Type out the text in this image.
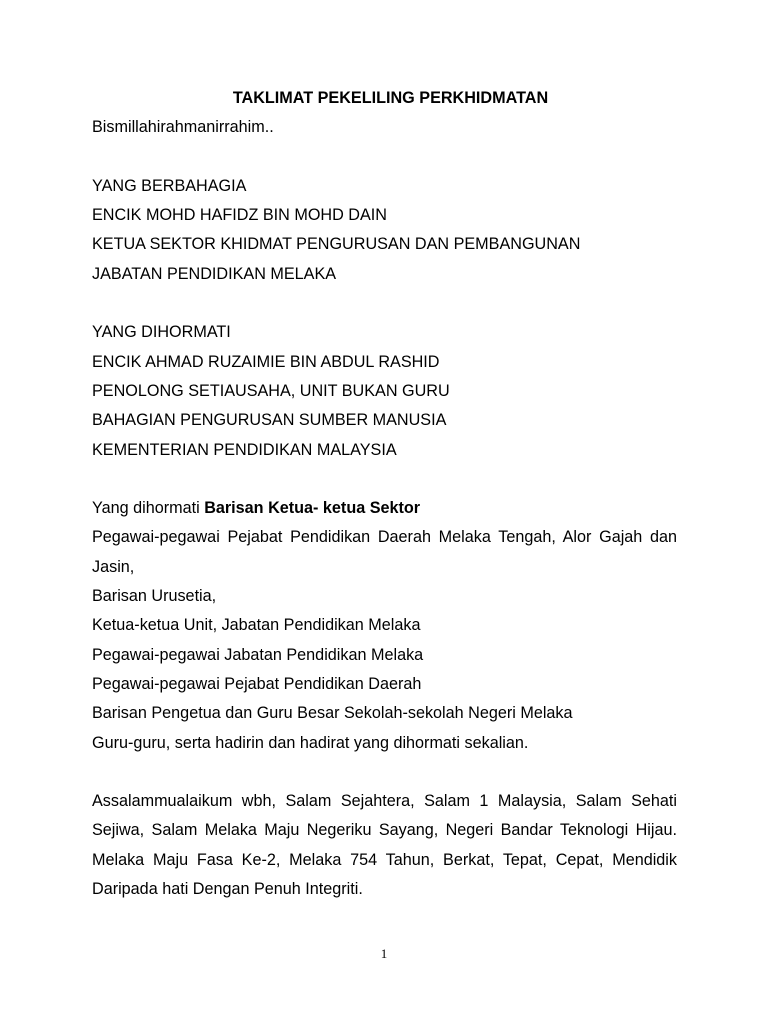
TAKLIMAT PEKELILING PERKHIDMATAN

Bismillahirahmanirrahim..

YANG BERBAHAGIA

ENCIK MOHD HAFIDZ BIN MOHD DAIN

KETUA SEKTOR KHIDMAT PENGURUSAN DAN PEMBANGUNAN

JABATAN PENDIDIKAN MELAKA

YANG DIHORMATI

ENCIK AHMAD RUZAIMIE BIN ABDUL RASHID

PENOLONG SETIAUSAHA, UNIT BUKAN GURU

BAHAGIAN PENGURUSAN SUMBER MANUSIA

KEMENTERIAN PENDIDIKAN MALAYSIA

Yang dihormati Barisan Ketua- ketua Sektor

Pegawai-pegawai Pejabat Pendidikan Daerah Melaka Tengah, Alor Gajah dan Jasin,

Barisan Urusetia,

Ketua-ketua Unit, Jabatan Pendidikan Melaka

Pegawai-pegawai Jabatan Pendidikan Melaka

Pegawai-pegawai Pejabat Pendidikan Daerah

Barisan Pengetua dan Guru Besar Sekolah-sekolah Negeri Melaka

Guru-guru, serta hadirin dan hadirat yang dihormati sekalian.

Assalammualaikum wbh, Salam Sejahtera, Salam 1 Malaysia, Salam Sehati Sejiwa, Salam Melaka Maju Negeriku Sayang, Negeri Bandar Teknologi Hijau. Melaka Maju Fasa Ke-2, Melaka 754 Tahun, Berkat, Tepat, Cepat, Mendidik Daripada hati Dengan Penuh Integriti.

1
